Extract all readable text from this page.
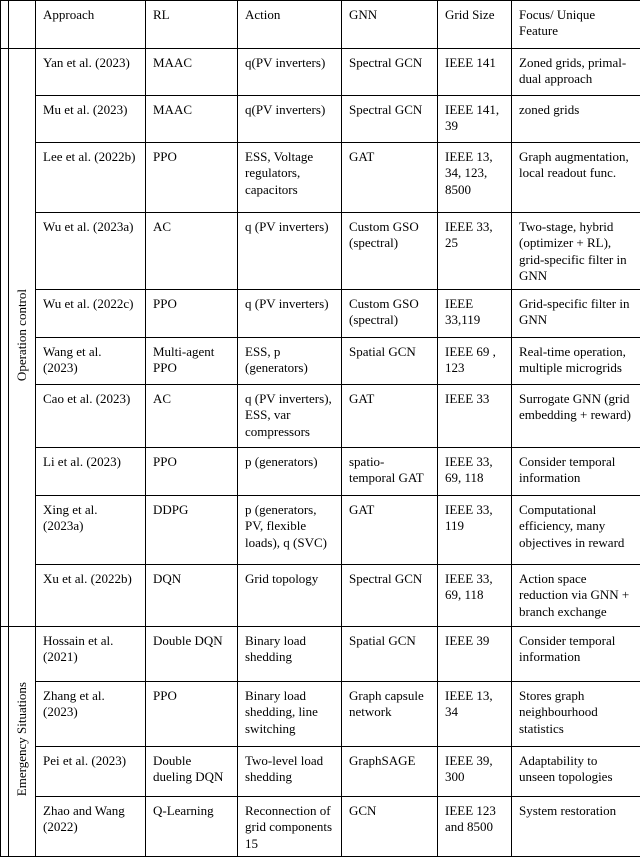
		Approach	RL	Action	GNN	Grid Size	Focus/ Unique Feature
	Operation control	Yan et al. (2023)	MAAC	q(PV inverters)	Spectral GCN	IEEE 141	Zoned grids, primal-dual approach
		Mu et al. (2023)	MAAC	q(PV inverters)	Spectral GCN	IEEE 141, 39	zoned grids
		Lee et al. (2022b)	PPO	ESS, Voltage regulators, capacitors	GAT	IEEE 13, 34, 123, 8500	Graph augmentation, local readout func.
		Wu et al. (2023a)	AC	q (PV inverters)	Custom GSO (spectral)	IEEE 33, 25	Two-stage, hybrid (optimizer + RL), grid-specific filter in GNN
		Wu et al. (2022c)	PPO	q (PV inverters)	Custom GSO (spectral)	IEEE 33,119	Grid-specific filter in GNN
		Wang et al. (2023)	Multi-agent PPO	ESS, p (generators)	Spatial GCN	IEEE 69 , 123	Real-time operation, multiple microgrids
		Cao et al. (2023)	AC	q (PV inverters), ESS, var compressors	GAT	IEEE 33	Surrogate GNN (grid embedding + reward)
		Li et al. (2023)	PPO	p (generators)	spatio-temporal GAT	IEEE 33, 69, 118	Consider temporal information
		Xing et al. (2023a)	DDPG	p (generators, PV, flexible loads), q (SVC)	GAT	IEEE 33, 119	Computational efficiency, many objectives in reward
		Xu et al. (2022b)	DQN	Grid topology	Spectral GCN	IEEE 33, 69, 118	Action space reduction via GNN + branch exchange
	Emergency Situations	Hossain et al. (2021)	Double DQN	Binary load shedding	Spatial GCN	IEEE 39	Consider temporal information
		Zhang et al. (2023)	PPO	Binary load shedding, line switching	Graph capsule network	IEEE 13, 34	Stores graph neighbourhood statistics
		Pei et al. (2023)	Double dueling DQN	Two-level load shedding	GraphSAGE	IEEE 39, 300	Adaptability to unseen topologies
		Zhao and Wang (2022)	Q-Learning	Reconnection of grid components 15	GCN	IEEE 123 and 8500	System restoration
